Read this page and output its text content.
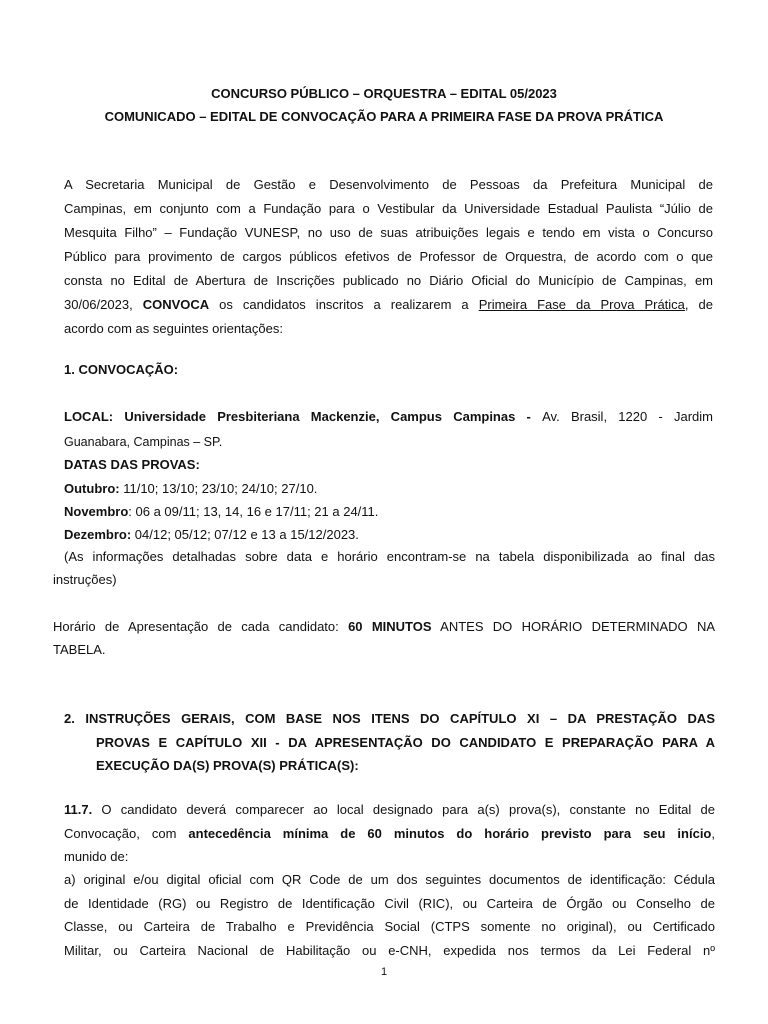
CONCURSO PÚBLICO – ORQUESTRA – EDITAL 05/2023
COMUNICADO – EDITAL DE CONVOCAÇÃO PARA A PRIMEIRA FASE DA PROVA PRÁTICA
A Secretaria Municipal de Gestão e Desenvolvimento de Pessoas da Prefeitura Municipal de
Campinas, em conjunto com a Fundação para o Vestibular da Universidade Estadual Paulista “Júlio de
Mesquita Filho” – Fundação VUNESP, no uso de suas atribuições legais e tendo em vista o Concurso
Público para provimento de cargos públicos efetivos de Professor de Orquestra, de acordo com o que
consta no Edital de Abertura de Inscrições publicado no Diário Oficial do Município de Campinas, em
30/06/2023, CONVOCA os candidatos inscritos a realizarem a Primeira Fase da Prova Prática, de
acordo com as seguintes orientações:
1. CONVOCAÇÃO:
LOCAL: Universidade Presbiteriana Mackenzie, Campus Campinas - Av. Brasil, 1220 - Jardim
Guanabara, Campinas – SP.
DATAS DAS PROVAS:
Outubro: 11/10; 13/10; 23/10; 24/10; 27/10.
Novembro: 06 a 09/11; 13, 14, 16 e 17/11; 21 a 24/11.
Dezembro: 04/12; 05/12; 07/12 e 13 a 15/12/2023.
(As informações detalhadas sobre data e horário encontram-se na tabela disponibilizada ao final das
instruções)
Horário de Apresentação de cada candidato: 60 MINUTOS ANTES DO HORÁRIO DETERMINADO NA
TABELA.
2. INSTRUÇÕES GERAIS, COM BASE NOS ITENS DO CAPÍTULO XI – DA PRESTAÇÃO DAS
PROVAS E CAPÍTULO XII - DA APRESENTAÇÃO DO CANDIDATO E PREPARAÇÃO PARA A
EXECUÇÃO DA(S) PROVA(S) PRÁTICA(S):
11.7. O candidato deverá comparecer ao local designado para a(s) prova(s), constante no Edital de
Convocação, com antecedência mínima de 60 minutos do horário previsto para seu início,
munido de:
a) original e/ou digital oficial com QR Code de um dos seguintes documentos de identificação: Cédula
de Identidade (RG) ou Registro de Identificação Civil (RIC), ou Carteira de Órgão ou Conselho de
Classe, ou Carteira de Trabalho e Previdência Social (CTPS somente no original), ou Certificado
Militar, ou Carteira Nacional de Habilitação ou e-CNH, expedida nos termos da Lei Federal nº
1
